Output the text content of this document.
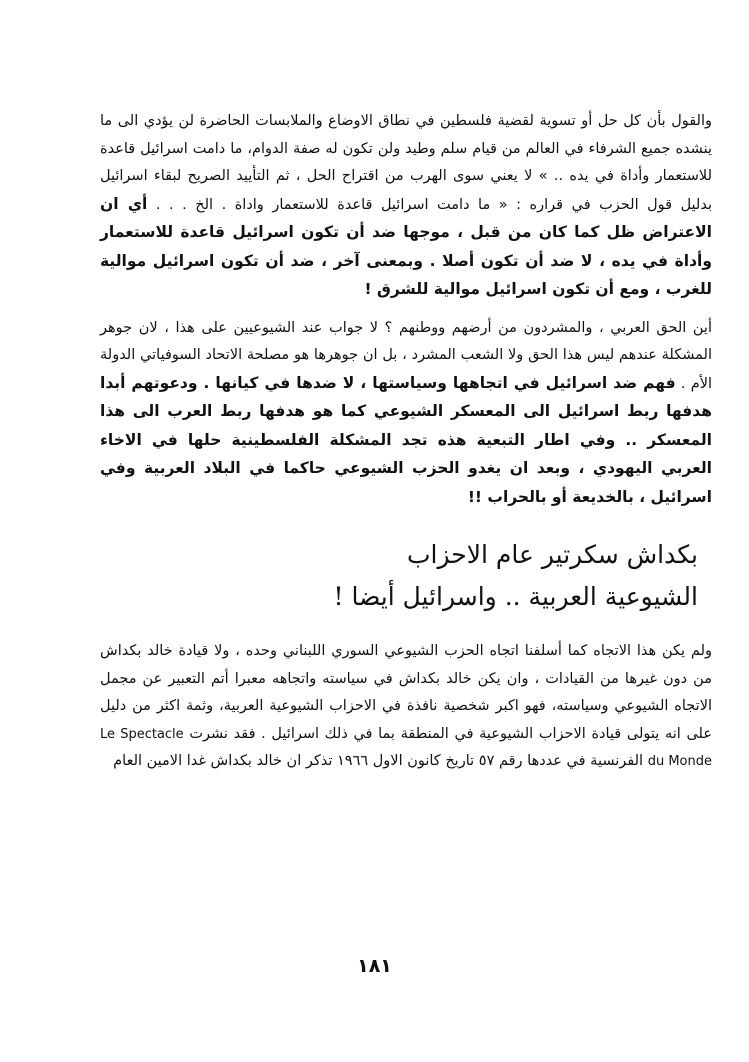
والقول بأن كل حل أو تسوية لقضية فلسطين في نطاق الاوضاع والملابسات الحاضرة لن يؤدي الى ما ينشده جميع الشرفاء في العالم من قيام سلم وطيد ولن تكون له صفة الدوام، ما دامت اسرائيل قاعدة للاستعمار وأداة في يده .. » لا يعني سوى الهرب من اقتراح الحل ، ثم التأييد الصريح لبقاء اسرائيل بدليل قول الحزب في قراره : « ما دامت اسرائيل قاعدة للاستعمار واداة . الخ . . . أي ان الاعتراض ظل كما كان من قبل ، موجها ضد أن تكون اسرائيل قاعدة للاستعمار وأداة في يده ، لا ضد أن تكون أصلا . وبمعنى آخر ، ضد أن تكون اسرائيل موالية للغرب ، ومع أن تكون اسرائيل موالية للشرق !

أين الحق العربي ، والمشردون من أرضهم ووطنهم ؟ لا جواب عند الشيوعيين على هذا ، لان جوهر المشكلة عندهم ليس هذا الحق ولا الشعب المشرد ، بل ان جوهرها هو مصلحة الاتحاد السوفياتي الدولة الأم . فهم ضد اسرائيل في اتجاهها وسياستها ، لا ضدها في كيانها . ودعوتهم أبدا هدفها ربط اسرائيل الى المعسكر الشيوعي كما هو هدفها ربط العرب الى هذا المعسكر .. وفي اطار التبعية هذه تجد المشكلة الفلسطينية حلها في الاخاء العربي اليهودي ، وبعد ان يغدو الحزب الشيوعي حاكما في البلاد العربية وفي اسرائيل ، بالخديعة أو بالحراب !!

بكداش سكرتير عام الاحزاب
الشيوعية العربية .. واسرائيل أيضا !

ولم يكن هذا الاتجاه كما أسلفنا اتجاه الحزب الشيوعي السوري اللبناني وحده ، ولا قيادة خالد بكداش من دون غيرها من القيادات ، وان يكن خالد بكداش في سياسته واتجاهه معبرا أتم التعبير عن مجمل الاتجاه الشيوعي وسياسته، فهو اكبر شخصية نافذة في الاحزاب الشيوعية العربية، وثمة اكثر من دليل على انه يتولى قيادة الاحزاب الشيوعية في المنطقة بما في ذلك اسرائيل . فقد نشرت Le Spectacle du Monde الفرنسية في عددها رقم ٥٧ تاريخ كانون الاول ١٩٦٦ تذكر ان خالد بكداش غدا الامين العام

١٨١
